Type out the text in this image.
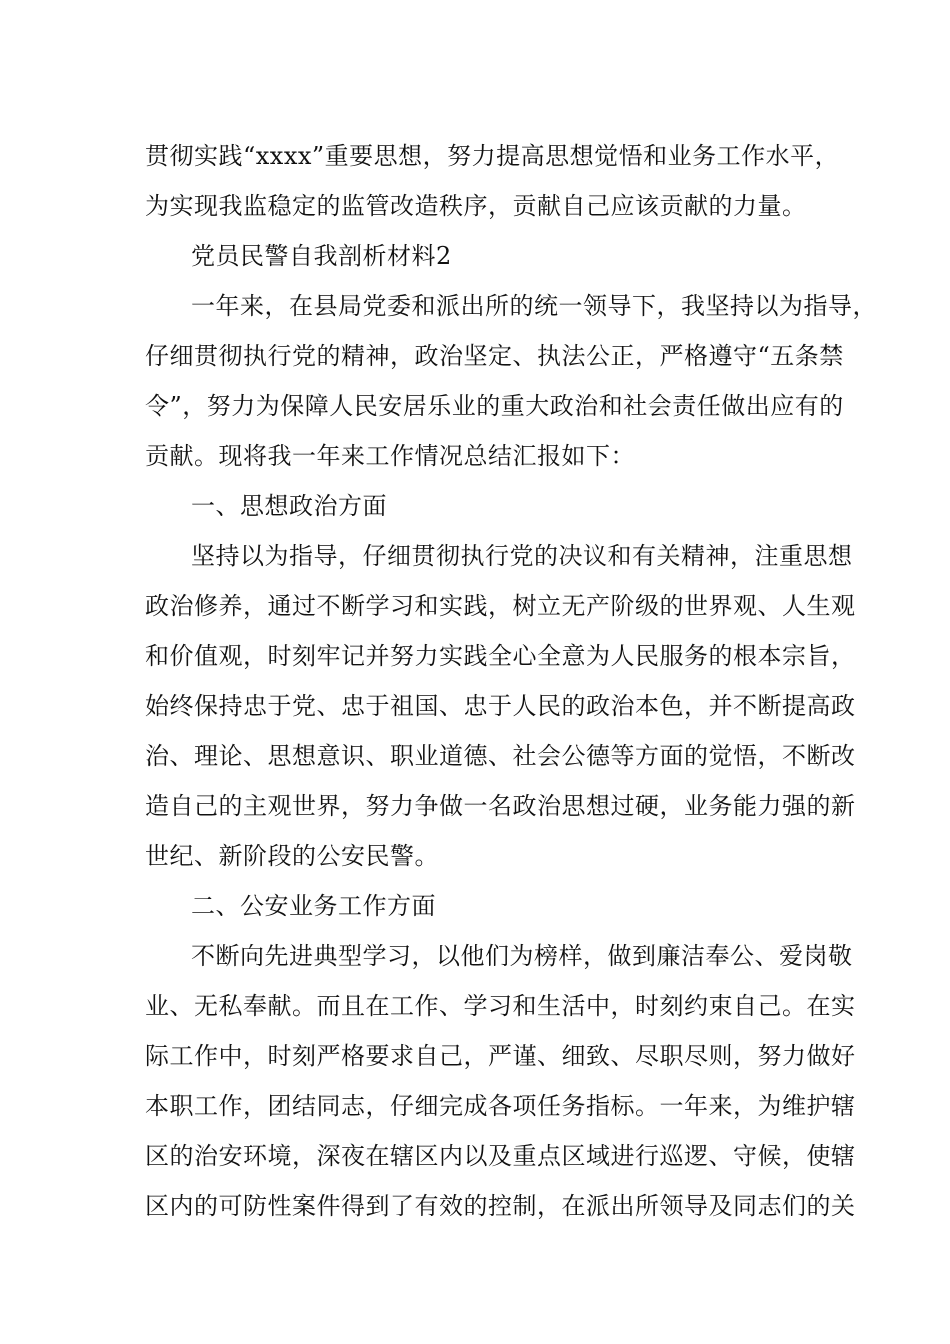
贯彻实践“xxxx”重要思想，努力提高思想觉悟和业务工作水平，

为实现我监稳定的监管改造秩序，贡献自己应该贡献的力量。

党员民警自我剖析材料2

一年来，在县局党委和派出所的统一领导下，我坚持以为指导，

仔细贯彻执行党的精神，政治坚定、执法公正，严格遵守“五条禁

令”，努力为保障人民安居乐业的重大政治和社会责任做出应有的

贡献。现将我一年来工作情况总结汇报如下：

一、思想政治方面

坚持以为指导，仔细贯彻执行党的决议和有关精神，注重思想

政治修养，通过不断学习和实践，树立无产阶级的世界观、人生观

和价值观，时刻牢记并努力实践全心全意为人民服务的根本宗旨，

始终保持忠于党、忠于祖国、忠于人民的政治本色，并不断提高政

治、理论、思想意识、职业道德、社会公德等方面的觉悟，不断改

造自己的主观世界，努力争做一名政治思想过硬，业务能力强的新

世纪、新阶段的公安民警。

二、公安业务工作方面

不断向先进典型学习，以他们为榜样，做到廉洁奉公、爱岗敬

业、无私奉献。而且在工作、学习和生活中，时刻约束自己。在实

际工作中，时刻严格要求自己，严谨、细致、尽职尽则，努力做好

本职工作，团结同志，仔细完成各项任务指标。一年来，为维护辖

区的治安环境，深夜在辖区内以及重点区域进行巡逻、守候，使辖

区内的可防性案件得到了有效的控制，在派出所领导及同志们的关
